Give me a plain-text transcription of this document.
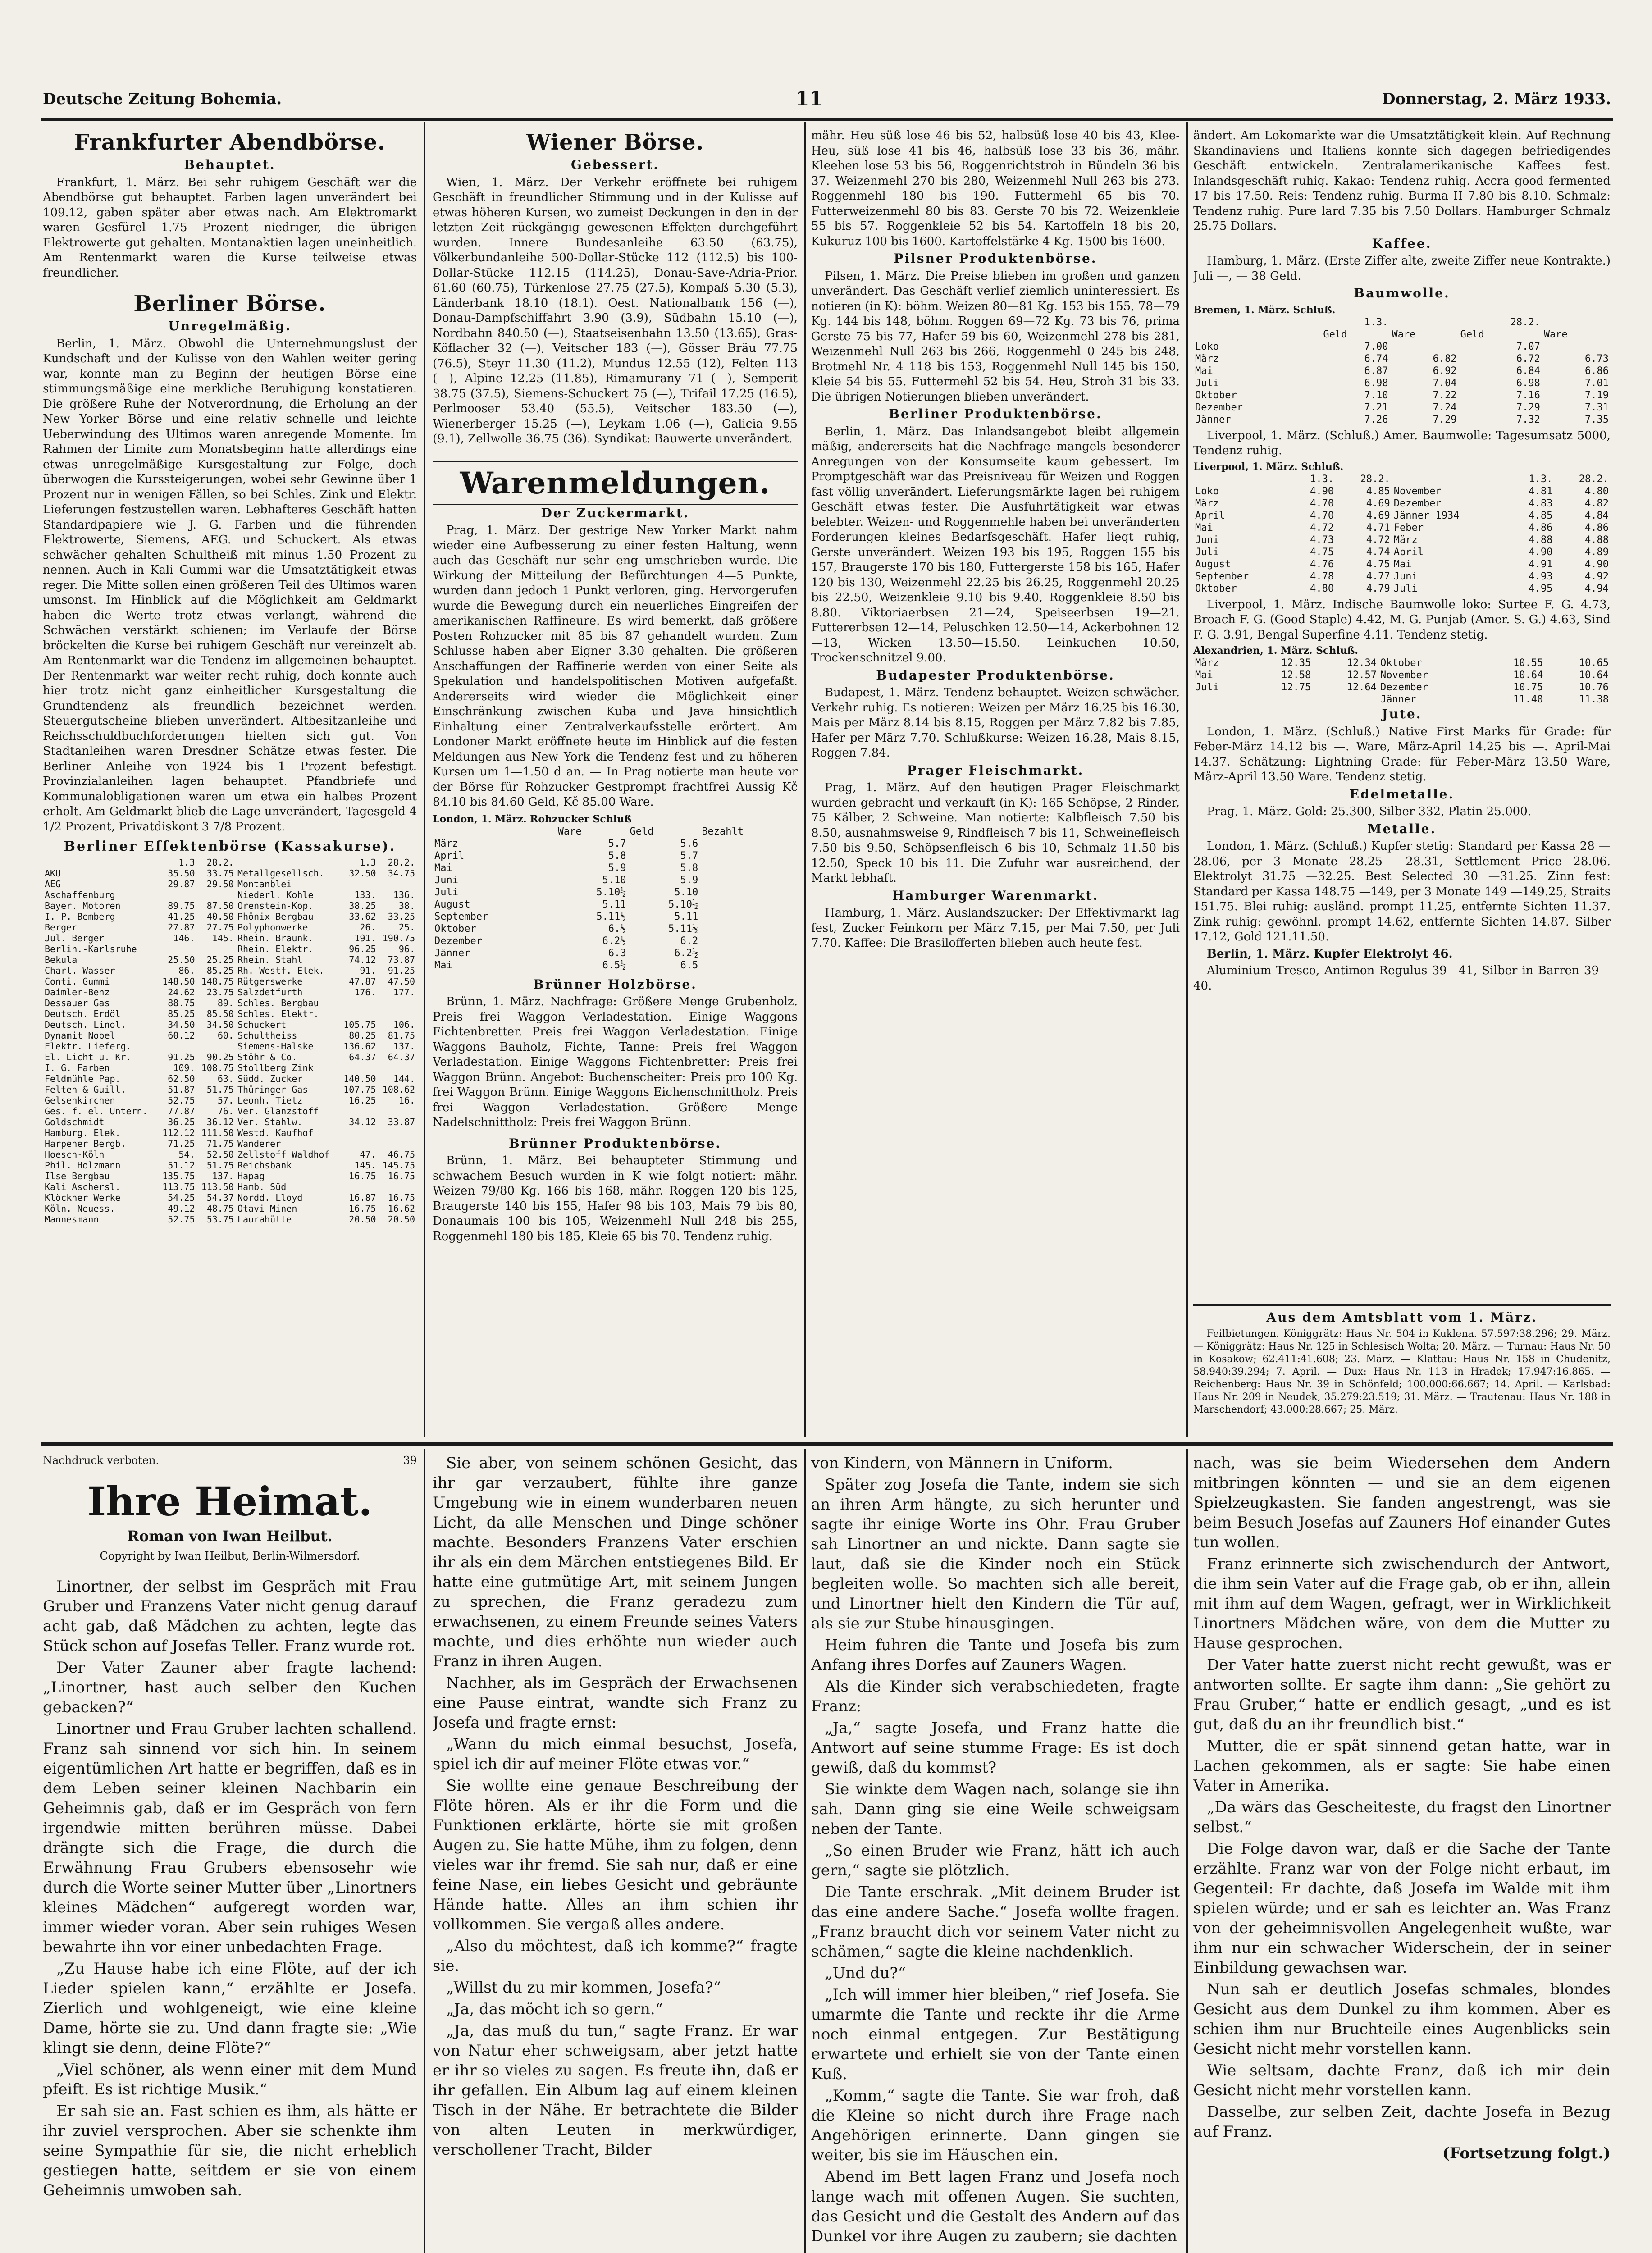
Deutsche Zeitung Bohemia.	11	Donnerstag, 2. März 1933.
Frankfurter Abendbörse.
Behauptet.

Frankfurt, 1. März. Bei sehr ruhigem Geschäft war die Abendbörse gut behauptet. Farben lagen unverändert bei 109.12, gaben später aber etwas nach. Am Elektromarkt waren Gesfürel 1.75 Prozent niedriger, die übrigen Elektrowerte gut gehalten. Montanaktien lagen uneinheitlich. Am Rentenmarkt waren die Kurse teilweise etwas freundlicher.

Berliner Börse.
Unregelmäßig.

Berlin, 1. März. Obwohl die Unternehmungslust der Kundschaft und der Kulisse von den Wahlen weiter gering war, konnte man zu Beginn der heutigen Börse eine stimmungsmäßige eine merkliche Beruhigung konstatieren. Die größere Ruhe der Notverordnung, die Erholung an der New Yorker Börse und eine relativ schnelle und leichte Ueberwindung des Ultimos waren anregende Momente. Im Rahmen der Limite zum Monatsbeginn hatte allerdings eine etwas unregelmäßige Kursgestaltung zur Folge, doch überwogen die Kurssteigerungen, wobei sehr Gewinne über 1 Prozent nur in wenigen Fällen, so bei Schles. Zink und Elektr. Lieferungen festzustellen waren. Lebhafteres Geschäft hatten Standardpapiere wie J. G. Farben und die führenden Elektrowerte, Siemens, AEG. und Schuckert. Als etwas schwächer gehalten Schultheiß mit minus 1.50 Prozent zu nennen. Auch in Kali Gummi war die Umsatztätigkeit etwas reger. Die Mitte sollen einen größeren Teil des Ultimos waren umsonst. Im Hinblick auf die Möglichkeit am Geldmarkt haben die Werte trotz etwas verlangt, während die Schwächen verstärkt schienen; im Verlaufe der Börse bröckelten die Kurse bei ruhigem Geschäft nur vereinzelt ab. Am Rentenmarkt war die Tendenz im allgemeinen behauptet. Der Rentenmarkt war weiter recht ruhig, doch konnte auch hier trotz nicht ganz einheitlicher Kursgestaltung die Grundtendenz als freundlich bezeichnet werden. Steuergutscheine blieben unverändert. Altbesitzanleihe und Reichsschuldbuchforderungen hielten sich gut. Von Stadtanleihen waren Dresdner Schätze etwas fester. Die Berliner Anleihe von 1924 bis 1 Prozent befestigt. Provinzialanleihen lagen behauptet. Pfandbriefe und Kommunalobligationen waren um etwa ein halbes Prozent erholt. Am Geldmarkt blieb die Lage unverändert, Tagesgeld 4 1/2 Prozent, Privatdiskont 3 7/8 Prozent.

Berliner Effektenbörse (Kassakurse).
	1.3	28.2.		1.3	28.2.
AKU	35.50	33.75	Metallgesellsch.	32.50	34.75
AEG	29.87	29.50	Montanblei		
Aschaffenburg			Niederl. Kohle	133.	136.
Bayer. Motoren	89.75	87.50	Orenstein-Kop.	38.25	38.
I. P. Bemberg	41.25	40.50	Phönix Bergbau	33.62	33.25
Berger	27.87	27.75	Polyphonwerke	26.	25.
Jul. Berger	146.	145.	Rhein. Braunk.	191.	190.75
Berlin.-Karlsruhe			Rhein. Elektr.	96.25	96.
Bekula	25.50	25.25	Rhein. Stahl	74.12	73.87
Charl. Wasser	86.	85.25	Rh.-Westf. Elek.	91.	91.25
Conti. Gummi	148.50	148.75	Rütgerswerke	47.87	47.50
Daimler-Benz	24.62	23.75	Salzdetfurth	176.	177.
Dessauer Gas	88.75	89.	Schles. Bergbau		
Deutsch. Erdöl	85.25	85.50	Schles. Elektr.		
Deutsch. Linol.	34.50	34.50	Schuckert	105.75	106.
Dynamit Nobel	60.12	60.	Schultheiss	80.25	81.75
Elektr. Lieferg.			Siemens-Halske	136.62	137.
El. Licht u. Kr.	91.25	90.25	Stöhr & Co.	64.37	64.37
I. G. Farben	109.	108.75	Stollberg Zink		
Feldmühle Pap.	62.50	63.	Südd. Zucker	140.50	144.
Felten & Guill.	51.87	51.75	Thüringer Gas	107.75	108.62
Gelsenkirchen	52.75	57.	Leonh. Tietz	16.25	16.
Ges. f. el. Untern.	77.87	76.	Ver. Glanzstoff		
Goldschmidt	36.25	36.12	Ver. Stahlw.	34.12	33.87
Hamburg. Elek.	112.12	111.50	Westd. Kaufhof		
Harpener Bergb.	71.25	71.75	Wanderer		
Hoesch-Köln	54.	52.50	Zellstoff Waldhof	47.	46.75
Phil. Holzmann	51.12	51.75	Reichsbank	145.	145.75
Ilse Bergbau	135.75	137.	Hapag	16.75	16.75
Kali Aschersl.	113.75	113.50	Hamb. Süd		
Klöckner Werke	54.25	54.37	Nordd. Lloyd	16.87	16.75
Köln.-Neuess.	49.12	48.75	Otavi Minen	16.75	16.62
Mannesmann	52.75	53.75	Laurahütte	20.50	20.50
Wiener Börse.
Gebessert.

Wien, 1. März. Der Verkehr eröffnete bei ruhigem Geschäft in freundlicher Stimmung und in der Kulisse auf etwas höheren Kursen, wo zumeist Deckungen in den in der letzten Zeit rückgängig gewesenen Effekten durchgeführt wurden. Innere Bundesanleihe 63.50 (63.75), Völkerbundanleihe 500-Dollar-Stücke 112 (112.5) bis 100-Dollar-Stücke 112.15 (114.25), Donau-Save-Adria-Prior. 61.60 (60.75), Türkenlose 27.75 (27.5), Kompaß 5.30 (5.3), Länderbank 18.10 (18.1). Oest. Nationalbank 156 (—), Donau-Dampfschiffahrt 3.90 (3.9), Südbahn 15.10 (—), Nordbahn 840.50 (—), Staatseisenbahn 13.50 (13.65), Gras-Köflacher 32 (—), Veitscher 183 (—), Gösser Bräu 77.75 (76.5), Steyr 11.30 (11.2), Mundus 12.55 (12), Felten 113 (—), Alpine 12.25 (11.85), Rimamurany 71 (—), Semperit 38.75 (37.5), Siemens-Schuckert 75 (—), Trifail 17.25 (16.5), Perlmooser 53.40 (55.5), Veitscher 183.50 (—), Wienerberger 15.25 (—), Leykam 1.06 (—), Galicia 9.55 (9.1), Zellwolle 36.75 (36). Syndikat: Bauwerte unverändert.

Warenmeldungen.
Der Zuckermarkt.

Prag, 1. März. Der gestrige New Yorker Markt nahm wieder eine Aufbesserung zu einer festen Haltung, wenn auch das Geschäft nur sehr eng umschrieben wurde. Die Wirkung der Mitteilung der Befürchtungen 4—5 Punkte, wurden dann jedoch 1 Punkt verloren, ging. Hervorgerufen wurde die Bewegung durch ein neuerliches Eingreifen der amerikanischen Raffineure. Es wird bemerkt, daß größere Posten Rohzucker mit 85 bis 87 gehandelt wurden. Zum Schlusse haben aber Eigner 3.30 gehalten. Die größeren Anschaffungen der Raffinerie werden von einer Seite als Spekulation und handelspolitischen Motiven aufgefaßt. Andererseits wird wieder die Möglichkeit einer Einschränkung zwischen Kuba und Java hinsichtlich Einhaltung einer Zentralverkaufsstelle erörtert. Am Londoner Markt eröffnete heute im Hinblick auf die festen Meldungen aus New York die Tendenz fest und zu höheren Kursen um 1—1.50 d an. — In Prag notierte man heute vor der Börse für Rohzucker Gestprompt frachtfrei Aussig Kč 84.10 bis 84.60 Geld, Kč 85.00 Ware.

London, 1. März. Rohzucker Schluß
	Ware	Geld	Bezahlt
März	5.7	5.6	
April	5.8	5.7	
Mai	5.9	5.8	
Juni	5.10	5.9	
Juli	5.10½	5.10	
August	5.11	5.10½	
September	5.11½	5.11	
Oktober	6.½	5.11½	
Dezember	6.2½	6.2	
Jänner	6.3	6.2½	
Mai	6.5½	6.5	
Brünner Holzbörse.

Brünn, 1. März. Nachfrage: Größere Menge Grubenholz. Preis frei Waggon Verladestation. Einige Waggons Fichtenbretter. Preis frei Waggon Verladestation. Einige Waggons Bauholz, Fichte, Tanne: Preis frei Waggon Verladestation. Einige Waggons Fichtenbretter: Preis frei Waggon Brünn. Angebot: Buchenscheiter: Preis pro 100 Kg. frei Waggon Brünn. Einige Waggons Eichenschnittholz. Preis frei Waggon Verladestation. Größere Menge Nadelschnittholz: Preis frei Waggon Brünn.

Brünner Produktenbörse.

Brünn, 1. März. Bei behaupteter Stimmung und schwachem Besuch wurden in K wie folgt notiert: mähr. Weizen 79/80 Kg. 166 bis 168, mähr. Roggen 120 bis 125, Braugerste 140 bis 155, Hafer 98 bis 103, Mais 79 bis 80, Donaumais 100 bis 105, Weizenmehl Null 248 bis 255, Roggenmehl 180 bis 185, Kleie 65 bis 70. Tendenz ruhig.

mähr. Heu süß lose 46 bis 52, halbsüß lose 40 bis 43, Klee-Heu, süß lose 41 bis 46, halbsüß lose 33 bis 36, mähr. Kleehen lose 53 bis 56, Roggenrichtstroh in Bündeln 36 bis 37. Weizenmehl 270 bis 280, Weizenmehl Null 263 bis 273. Roggenmehl 180 bis 190. Futtermehl 65 bis 70. Futterweizenmehl 80 bis 83. Gerste 70 bis 72. Weizenkleie 55 bis 57. Roggenkleie 52 bis 54. Kartoffeln 18 bis 20, Kukuruz 100 bis 1600. Kartoffelstärke 4 Kg. 1500 bis 1600.

Pilsner Produktenbörse.

Pilsen, 1. März. Die Preise blieben im großen und ganzen unverändert. Das Geschäft verlief ziemlich uninteressiert. Es notieren (in K): böhm. Weizen 80—81 Kg. 153 bis 155, 78—79 Kg. 144 bis 148, böhm. Roggen 69—72 Kg. 73 bis 76, prima Gerste 75 bis 77, Hafer 59 bis 60, Weizenmehl 278 bis 281, Weizenmehl Null 263 bis 266, Roggenmehl 0 245 bis 248, Brotmehl Nr. 4 118 bis 153, Roggenmehl Null 145 bis 150, Kleie 54 bis 55. Futtermehl 52 bis 54. Heu, Stroh 31 bis 33. Die übrigen Notierungen blieben unverändert.

Berliner Produktenbörse.

Berlin, 1. März. Das Inlandsangebot bleibt allgemein mäßig, andererseits hat die Nachfrage mangels besonderer Anregungen von der Konsumseite kaum gebessert. Im Promptgeschäft war das Preisniveau für Weizen und Roggen fast völlig unverändert. Lieferungsmärkte lagen bei ruhigem Geschäft etwas fester. Die Ausfuhrtätigkeit war etwas belebter. Weizen- und Roggenmehle haben bei unveränderten Forderungen kleines Bedarfsgeschäft. Hafer liegt ruhig, Gerste unverändert. Weizen 193 bis 195, Roggen 155 bis 157, Braugerste 170 bis 180, Futtergerste 158 bis 165, Hafer 120 bis 130, Weizenmehl 22.25 bis 26.25, Roggenmehl 20.25 bis 22.50, Weizenkleie 9.10 bis 9.40, Roggenkleie 8.50 bis 8.80. Viktoriaerbsen 21—24, Speiseerbsen 19—21. Futtererbsen 12—14, Peluschken 12.50—14, Ackerbohnen 12—13, Wicken 13.50—15.50. Leinkuchen 10.50, Trockenschnitzel 9.00.

Budapester Produktenbörse.

Budapest, 1. März. Tendenz behauptet. Weizen schwächer. Verkehr ruhig. Es notieren: Weizen per März 16.25 bis 16.30, Mais per März 8.14 bis 8.15, Roggen per März 7.82 bis 7.85, Hafer per März 7.70. Schlußkurse: Weizen 16.28, Mais 8.15, Roggen 7.84.

Prager Fleischmarkt.

Prag, 1. März. Auf den heutigen Prager Fleischmarkt wurden gebracht und verkauft (in K): 165 Schöpse, 2 Rinder, 75 Kälber, 2 Schweine. Man notierte: Kalbfleisch 7.50 bis 8.50, ausnahmsweise 9, Rindfleisch 7 bis 11, Schweinefleisch 7.50 bis 9.50, Schöpsenfleisch 6 bis 10, Schmalz 11.50 bis 12.50, Speck 10 bis 11. Die Zufuhr war ausreichend, der Markt lebhaft.

Hamburger Warenmarkt.

Hamburg, 1. März. Auslandszucker: Der Effektivmarkt lag fest, Zucker Feinkorn per März 7.15, per Mai 7.50, per Juli 7.70. Kaffee: Die Brasilofferten blieben auch heute fest.

ändert. Am Lokomarkte war die Umsatztätigkeit klein. Auf Rechnung Skandinaviens und Italiens konnte sich dagegen befriedigendes Geschäft entwickeln. Zentralamerikanische Kaffees fest. Inlandsgeschäft ruhig. Kakao: Tendenz ruhig. Accra good fermented 17 bis 17.50. Reis: Tendenz ruhig. Burma II 7.80 bis 8.10. Schmalz: Tendenz ruhig. Pure lard 7.35 bis 7.50 Dollars. Hamburger Schmalz 25.75 Dollars.

Kaffee.

Hamburg, 1. März. (Erste Ziffer alte, zweite Ziffer neue Kontrakte.) Juli —, — 38 Geld.

Baumwolle.
Bremen, 1. März. Schluß.
	1.3.		28.2.	
	Geld	Ware	Geld	Ware
Loko	7.00		7.07	
März	6.74	6.82	6.72	6.73
Mai	6.87	6.92	6.84	6.86
Juli	6.98	7.04	6.98	7.01
Oktober	7.10	7.22	7.16	7.19
Dezember	7.21	7.24	7.29	7.31
Jänner	7.26	7.29	7.32	7.35

Liverpool, 1. März. (Schluß.) Amer. Baumwolle: Tagesumsatz 5000, Tendenz ruhig.

Liverpool, 1. März. Schluß.
	1.3.	28.2.		1.3.	28.2.
Loko	4.90	4.85	November	4.81	4.80
März	4.70	4.69	Dezember	4.83	4.82
April	4.70	4.69	Jänner 1934	4.85	4.84
Mai	4.72	4.71	Feber	4.86	4.86
Juni	4.73	4.72	März	4.88	4.88
Juli	4.75	4.74	April	4.90	4.89
August	4.76	4.75	Mai	4.91	4.90
September	4.78	4.77	Juni	4.93	4.92
Oktober	4.80	4.79	Juli	4.95	4.94

Liverpool, 1. März. Indische Baumwolle loko: Surtee F. G. 4.73, Broach F. G. (Good Staple) 4.42, M. G. Punjab (Amer. S. G.) 4.63, Sind F. G. 3.91, Bengal Superfine 4.11. Tendenz stetig.

Alexandrien, 1. März. Schluß.
März	12.35	12.34	Oktober	10.55	10.65
Mai	12.58	12.57	November	10.64	10.64
Juli	12.75	12.64	Dezember	10.75	10.76
			Jänner	11.40	11.38
Jute.

London, 1. März. (Schluß.) Native First Marks für Grade: für Feber-März 14.12 bis —. Ware, März-April 14.25 bis —. April-Mai 14.37. Schätzung: Lightning Grade: für Feber-März 13.50 Ware, März-April 13.50 Ware. Tendenz stetig.

Edelmetalle.

Prag, 1. März. Gold: 25.300, Silber 332, Platin 25.000.

Metalle.

London, 1. März. (Schluß.) Kupfer stetig: Standard per Kassa 28 —28.06, per 3 Monate 28.25 —28.31, Settlement Price 28.06. Elektrolyt 31.75 —32.25. Best Selected 30 —31.25. Zinn fest: Standard per Kassa 148.75 —149, per 3 Monate 149 —149.25, Straits 151.75. Blei ruhig: ausländ. prompt 11.25, entfernte Sichten 11.37. Zink ruhig: gewöhnl. prompt 14.62, entfernte Sichten 14.87. Silber 17.12, Gold 121.11.50.

Berlin, 1. März. Kupfer Elektrolyt 46.

Aluminium Tresco, Antimon Regulus 39—41, Silber in Barren 39—40.

Aus dem Amtsblatt vom 1. März.

Feilbietungen. Königgrätz: Haus Nr. 504 in Kuklena. 57.597:38.296; 29. März. — Königgrätz: Haus Nr. 125 in Schlesisch Wolta; 20. März. — Turnau: Haus Nr. 50 in Kosakow; 62.411:41.608; 23. März. — Klattau: Haus Nr. 158 in Chudenitz, 58.940:39.294; 7. April. — Dux: Haus Nr. 113 in Hradek; 17.947:16.865. — Reichenberg: Haus Nr. 39 in Schönfeld; 100.000:66.667; 14. April. — Karlsbad: Haus Nr. 209 in Neudek, 35.279:23.519; 31. März. — Trautenau: Haus Nr. 188 in Marschendorf; 43.000:28.667; 25. März.

Nachdruck verboten.	39
Ihre Heimat.
Roman von Iwan Heilbut.
Copyright by Iwan Heilbut, Berlin-Wilmersdorf.

Linortner, der selbst im Gespräch mit Frau Gruber und Franzens Vater nicht genug darauf acht gab, daß Mädchen zu achten, legte das Stück schon auf Josefas Teller. Franz wurde rot.

Der Vater Zauner aber fragte lachend: „Linortner, hast auch selber den Kuchen gebacken?“

Linortner und Frau Gruber lachten schallend. Franz sah sinnend vor sich hin. In seinem eigentümlichen Art hatte er begriffen, daß es in dem Leben seiner kleinen Nachbarin ein Geheimnis gab, daß er im Gespräch von fern irgendwie mitten berühren müsse. Dabei drängte sich die Frage, die durch die Erwähnung Frau Grubers ebensosehr wie durch die Worte seiner Mutter über „Linortners kleines Mädchen“ aufgeregt worden war, immer wieder voran. Aber sein ruhiges Wesen bewahrte ihn vor einer unbedachten Frage.

„Zu Hause habe ich eine Flöte, auf der ich Lieder spielen kann,“ erzählte er Josefa. Zierlich und wohlgeneigt, wie eine kleine Dame, hörte sie zu. Und dann fragte sie: „Wie klingt sie denn, deine Flöte?“

„Viel schöner, als wenn einer mit dem Mund pfeift. Es ist richtige Musik.“

Er sah sie an. Fast schien es ihm, als hätte er ihr zuviel versprochen. Aber sie schenkte ihm seine Sympathie für sie, die nicht erheblich gestiegen hatte, seitdem er sie von einem Geheimnis umwoben sah.

Sie aber, von seinem schönen Gesicht, das ihr gar verzaubert, fühlte ihre ganze Umgebung wie in einem wunderbaren neuen Licht, da alle Menschen und Dinge schöner machte. Besonders Franzens Vater erschien ihr als ein dem Märchen entstiegenes Bild. Er hatte eine gutmütige Art, mit seinem Jungen zu sprechen, die Franz geradezu zum erwachsenen, zu einem Freunde seines Vaters machte, und dies erhöhte nun wieder auch Franz in ihren Augen.

Nachher, als im Gespräch der Erwachsenen eine Pause eintrat, wandte sich Franz zu Josefa und fragte ernst:

„Wann du mich einmal besuchst, Josefa, spiel ich dir auf meiner Flöte etwas vor.“

Sie wollte eine genaue Beschreibung der Flöte hören. Als er ihr die Form und die Funktionen erklärte, hörte sie mit großen Augen zu. Sie hatte Mühe, ihm zu folgen, denn vieles war ihr fremd. Sie sah nur, daß er eine feine Nase, ein liebes Gesicht und gebräunte Hände hatte. Alles an ihm schien ihr vollkommen. Sie vergaß alles andere.

„Also du möchtest, daß ich komme?“ fragte sie.

„Willst du zu mir kommen, Josefa?“

„Ja, das möcht ich so gern.“

„Ja, das muß du tun,“ sagte Franz. Er war von Natur eher schweigsam, aber jetzt hatte er ihr so vieles zu sagen. Es freute ihn, daß er ihr gefallen. Ein Album lag auf einem kleinen Tisch in der Nähe. Er betrachtete die Bilder von alten Leuten in merkwürdiger, verschollener Tracht, Bilder

von Kindern, von Männern in Uniform.

Später zog Josefa die Tante, indem sie sich an ihren Arm hängte, zu sich herunter und sagte ihr einige Worte ins Ohr. Frau Gruber sah Linortner an und nickte. Dann sagte sie laut, daß sie die Kinder noch ein Stück begleiten wolle. So machten sich alle bereit, und Linortner hielt den Kindern die Tür auf, als sie zur Stube hinausgingen.

Heim fuhren die Tante und Josefa bis zum Anfang ihres Dorfes auf Zauners Wagen.

Als die Kinder sich verabschiedeten, fragte Franz:

„Ja,“ sagte Josefa, und Franz hatte die Antwort auf seine stumme Frage: Es ist doch gewiß, daß du kommst?

Sie winkte dem Wagen nach, solange sie ihn sah. Dann ging sie eine Weile schweigsam neben der Tante.

„So einen Bruder wie Franz, hätt ich auch gern,“ sagte sie plötzlich.

Die Tante erschrak. „Mit deinem Bruder ist das eine andere Sache.“ Josefa wollte fragen. „Franz braucht dich vor seinem Vater nicht zu schämen,“ sagte die kleine nachdenklich.

„Und du?“

„Ich will immer hier bleiben,“ rief Josefa. Sie umarmte die Tante und reckte ihr die Arme noch einmal entgegen. Zur Bestätigung erwartete und erhielt sie von der Tante einen Kuß.

„Komm,“ sagte die Tante. Sie war froh, daß die Kleine so nicht durch ihre Frage nach Angehörigen erinnerte. Dann gingen sie weiter, bis sie im Häuschen ein.

Abend im Bett lagen Franz und Josefa noch lange wach mit offenen Augen. Sie suchten, das Gesicht und die Gestalt des Andern auf das Dunkel vor ihre Augen zu zaubern; sie dachten

nach, was sie beim Wiedersehen dem Andern mitbringen könnten — und sie an dem eigenen Spielzeugkasten. Sie fanden angestrengt, was sie beim Besuch Josefas auf Zauners Hof einander Gutes tun wollen.

Franz erinnerte sich zwischendurch der Antwort, die ihm sein Vater auf die Frage gab, ob er ihn, allein mit ihm auf dem Wagen, gefragt, wer in Wirklichkeit Linortners Mädchen wäre, von dem die Mutter zu Hause gesprochen.

Der Vater hatte zuerst nicht recht gewußt, was er antworten sollte. Er sagte ihm dann: „Sie gehört zu Frau Gruber,“ hatte er endlich gesagt, „und es ist gut, daß du an ihr freundlich bist.“

Mutter, die er spät sinnend getan hatte, war in Lachen gekommen, als er sagte: Sie habe einen Vater in Amerika.

„Da wärs das Gescheiteste, du fragst den Linortner selbst.“

Die Folge davon war, daß er die Sache der Tante erzählte. Franz war von der Folge nicht erbaut, im Gegenteil: Er dachte, daß Josefa im Walde mit ihm spielen würde; und er sah es leichter an. Was Franz von der geheimnisvollen Angelegenheit wußte, war ihm nur ein schwacher Widerschein, der in seiner Einbildung gewachsen war.

Nun sah er deutlich Josefas schmales, blondes Gesicht aus dem Dunkel zu ihm kommen. Aber es schien ihm nur Bruchteile eines Augenblicks sein Gesicht nicht mehr vorstellen kann.

Wie seltsam, dachte Franz, daß ich mir dein Gesicht nicht mehr vorstellen kann.

Dasselbe, zur selben Zeit, dachte Josefa in Bezug auf Franz.

(Fortsetzung folgt.)
